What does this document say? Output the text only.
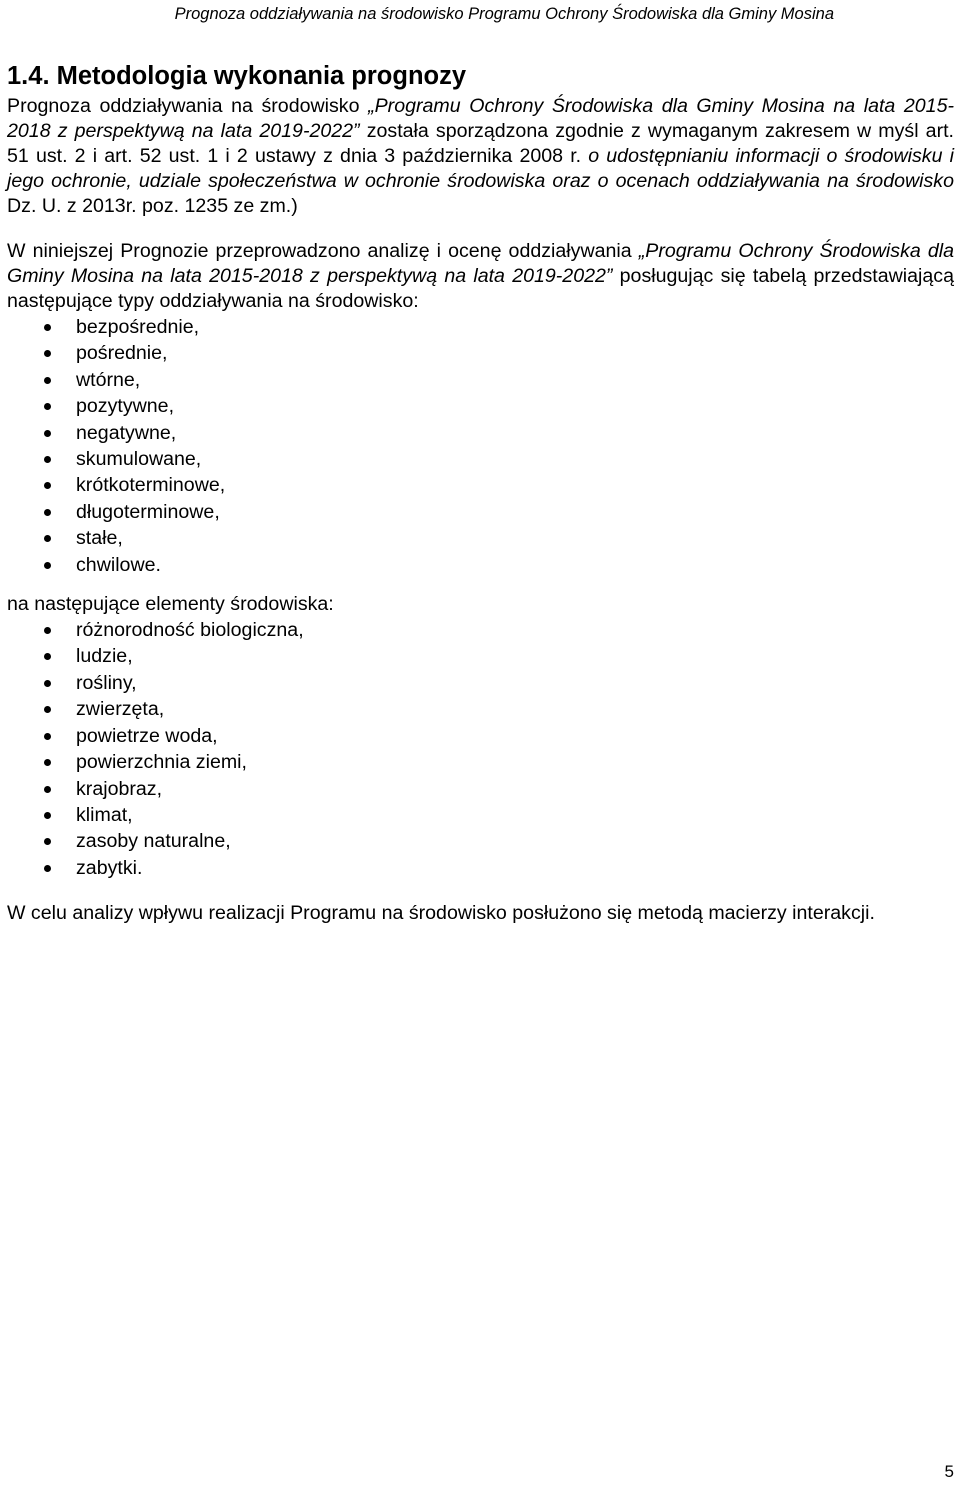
Prognoza oddziaływania na środowisko Programu Ochrony Środowiska dla Gminy Mosina
1.4. Metodologia wykonania prognozy

Prognoza oddziaływania na środowisko „Programu Ochrony Środowiska dla Gminy Mosina na lata 2015-2018 z perspektywą na lata 2019-2022” została sporządzona zgodnie z wymaganym zakresem w myśl art. 51 ust. 2 i art. 52 ust. 1 i 2 ustawy z dnia 3 października 2008 r. o udostępnianiu informacji o środowisku i jego ochronie, udziale społeczeństwa w ochronie środowiska oraz o ocenach oddziaływania na środowisko Dz. U. z 2013r. poz. 1235 ze zm.)

W niniejszej Prognozie przeprowadzono analizę i ocenę oddziaływania „Programu Ochrony Środowiska dla Gminy Mosina na lata 2015-2018 z perspektywą na lata 2019-2022” posługując się tabelą przedstawiającą następujące typy oddziaływania na środowisko:

bezpośrednie,
pośrednie,
wtórne,
pozytywne,
negatywne,
skumulowane,
krótkoterminowe,
długoterminowe,
stałe,
chwilowe.

na następujące elementy środowiska:

różnorodność biologiczna,
ludzie,
rośliny,
zwierzęta,
powietrze woda,
powierzchnia ziemi,
krajobraz,
klimat,
zasoby naturalne,
zabytki.

W celu analizy wpływu realizacji Programu na środowisko posłużono się metodą macierzy interakcji.

5
